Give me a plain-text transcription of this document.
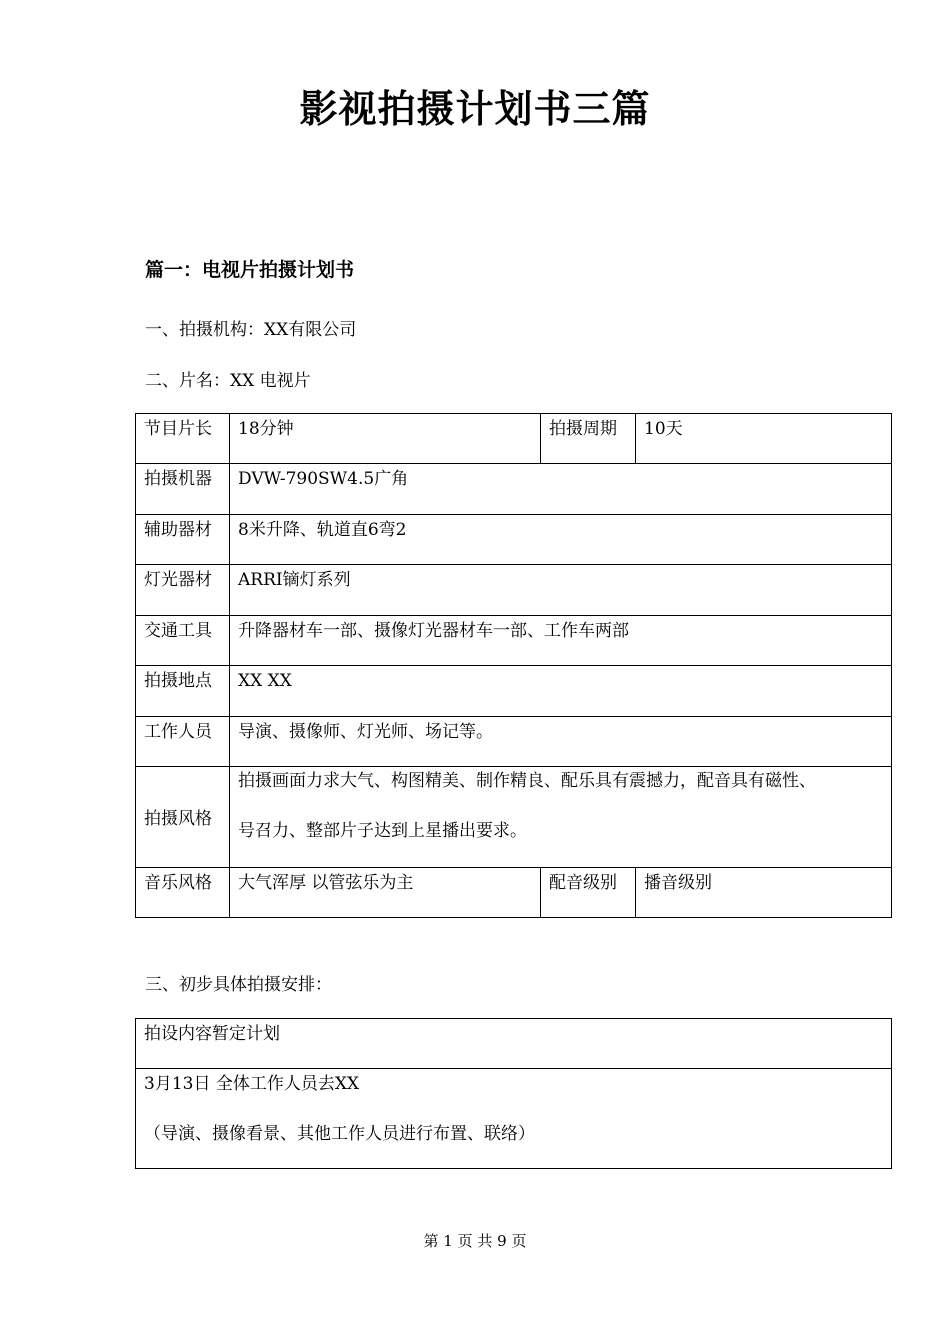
影视拍摄计划书三篇
篇一：电视片拍摄计划书
一、拍摄机构：XX有限公司
二、片名：XX 电视片
节目片长	18分钟	拍摄周期	10天
拍摄机器	DVW-790SW4.5广角		
辅助器材	8米升降、轨道直6弯2		
灯光器材	ARRI镝灯系列		
交通工具	升降器材车一部、摄像灯光器材车一部、工作车两部		
拍摄地点	XX XX		
工作人员	导演、摄像师、灯光师、场记等。		
拍摄风格	拍摄画面力求大气、构图精美、制作精良、配乐具有震撼力，配音具有磁性、
号召力、整部片子达到上星播出要求。		

音乐风格	大气浑厚 以管弦乐为主	配音级别	播音级别
三、初步具体拍摄安排：
拍设内容暂定计划

3月13日 全体工作人员去XX
（导演、摄像看景、其他工作人员进行布置、联络）
第 1 页 共 9 页
